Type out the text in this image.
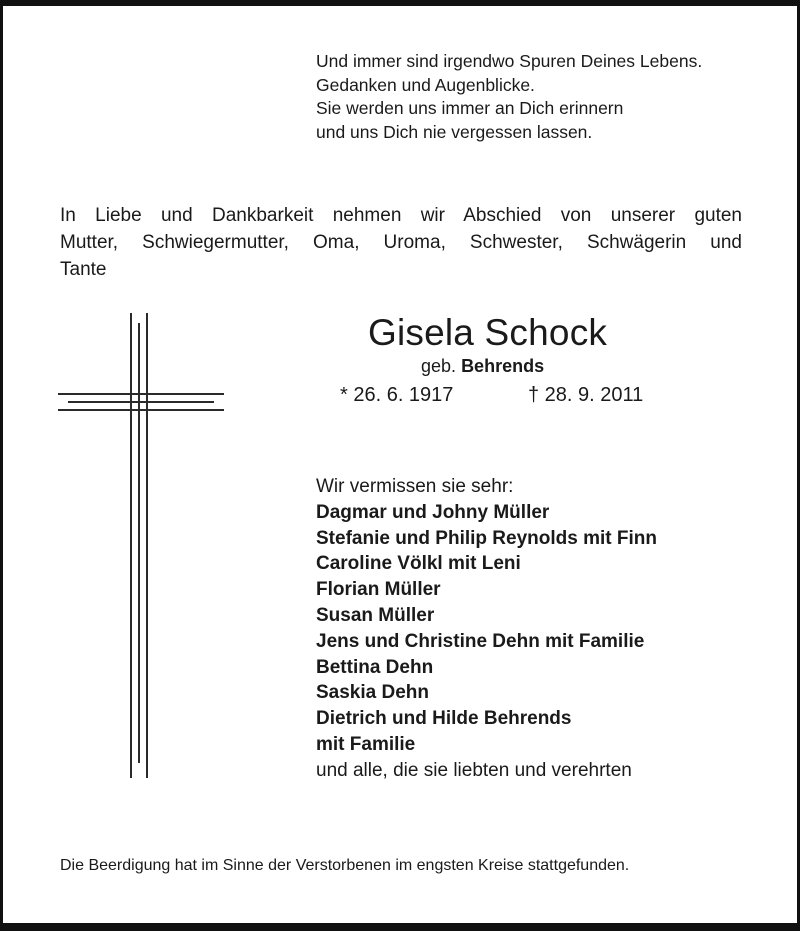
Und immer sind irgendwo Spuren Deines Lebens.
Gedanken und Augenblicke.
Sie werden uns immer an Dich erinnern
und uns Dich nie vergessen lassen.
In Liebe und Dankbarkeit nehmen wir Abschied von unserer guten
Mutter, Schwiegermutter, Oma, Uroma, Schwester, Schwägerin und
Tante
Gisela Schock
geb. Behrends
* 26. 6. 1917	† 28. 9. 2011
Wir vermissen sie sehr:
Dagmar und Johny Müller
Stefanie und Philip Reynolds mit Finn
Caroline Völkl mit Leni
Florian Müller
Susan Müller
Jens und Christine Dehn mit Familie
Bettina Dehn
Saskia Dehn
Dietrich und Hilde Behrends
mit Familie
und alle, die sie liebten und verehrten
Die Beerdigung hat im Sinne der Verstorbenen im engsten Kreise stattgefunden.
